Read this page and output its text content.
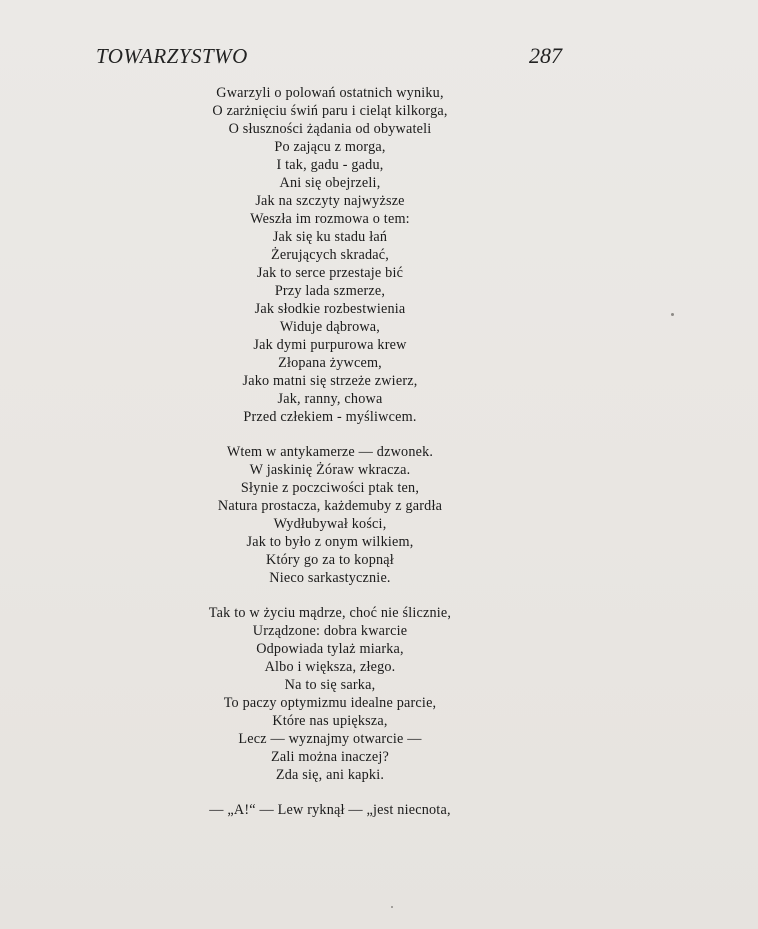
TOWARZYSTWO	287
Gwarzyli o polowań ostatnich wyniku,
O zarżnięciu świń paru i cieląt kilkorga,
O słuszności żądania od obywateli
Po zającu z morga,
I tak, gadu - gadu,
Ani się obejrzeli,
Jak na szczyty najwyższe
Weszła im rozmowa o tem:
Jak się ku stadu łań
Żerujących skradać,
Jak to serce przestaje bić
Przy lada szmerze,
Jak słodkie rozbestwienia
Widuje dąbrowa,
Jak dymi purpurowa krew
Złopana żywcem,
Jako matni się strzeże zwierz,
Jak, ranny, chowa
Przed człekiem - myśliwcem.
Wtem w antykamerze — dzwonek.
W jaskinię Żóraw wkracza.
Słynie z poczciwości ptak ten,
Natura prostacza, każdemuby z gardła
Wydłubywał kości,
Jak to było z onym wilkiem,
Który go za to kopnął
Nieco sarkastycznie.
Tak to w życiu mądrze, choć nie ślicznie,
Urządzone: dobra kwarcie
Odpowiada tylaż miarka,
Albo i większa, złego.
Na to się sarka,
To paczy optymizmu idealne parcie,
Które nas upiększa,
Lecz — wyznajmy otwarcie —
Zali można inaczej?
Zda się, ani kapki.
— „A!“ — Lew ryknął — „jest niecnota,
